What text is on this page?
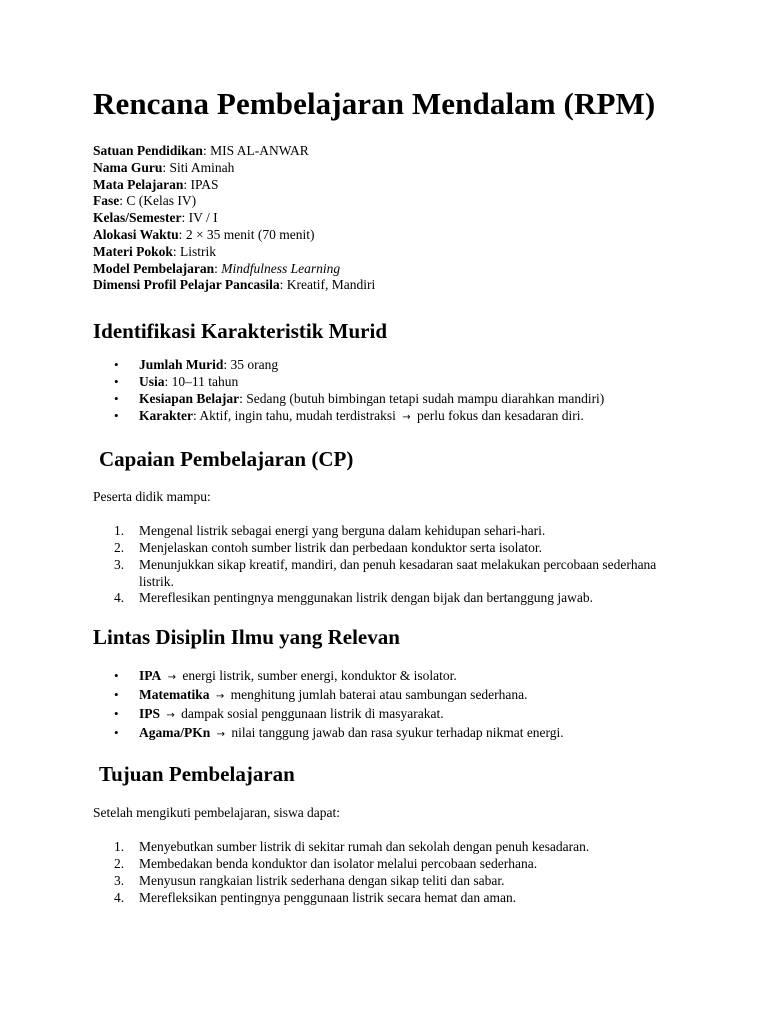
Rencana Pembelajaran Mendalam (RPM)
Satuan Pendidikan: MIS AL-ANWAR
Nama Guru: Siti Aminah
Mata Pelajaran: IPAS
Fase: C (Kelas IV)
Kelas/Semester: IV / I
Alokasi Waktu: 2 × 35 menit (70 menit)
Materi Pokok: Listrik
Model Pembelajaran: Mindfulness Learning
Dimensi Profil Pelajar Pancasila: Kreatif, Mandiri
Identifikasi Karakteristik Murid
• Jumlah Murid: 35 orang
• Usia: 10–11 tahun
• Kesiapan Belajar: Sedang (butuh bimbingan tetapi sudah mampu diarahkan mandiri)
• Karakter: Aktif, ingin tahu, mudah terdistraksi → perlu fokus dan kesadaran diri.
Capaian Pembelajaran (CP)

Peserta didik mampu:

1.	Mengenal listrik sebagai energi yang berguna dalam kehidupan sehari-hari.
2.	Menjelaskan contoh sumber listrik dan perbedaan konduktor serta isolator.
3.	Menunjukkan sikap kreatif, mandiri, dan penuh kesadaran saat melakukan percobaan sederhana listrik.
4.	Mereflesikan pentingnya menggunakan listrik dengan bijak dan bertanggung jawab.
Lintas Disiplin Ilmu yang Relevan
• IPA → energi listrik, sumber energi, konduktor & isolator.
• Matematika → menghitung jumlah baterai atau sambungan sederhana.
• IPS → dampak sosial penggunaan listrik di masyarakat.
• Agama/PKn → nilai tanggung jawab dan rasa syukur terhadap nikmat energi.
Tujuan Pembelajaran

Setelah mengikuti pembelajaran, siswa dapat:

1.	Menyebutkan sumber listrik di sekitar rumah dan sekolah dengan penuh kesadaran.
2.	Membedakan benda konduktor dan isolator melalui percobaan sederhana.
3.	Menyusun rangkaian listrik sederhana dengan sikap teliti dan sabar.
4.	Merefleksikan pentingnya penggunaan listrik secara hemat dan aman.
